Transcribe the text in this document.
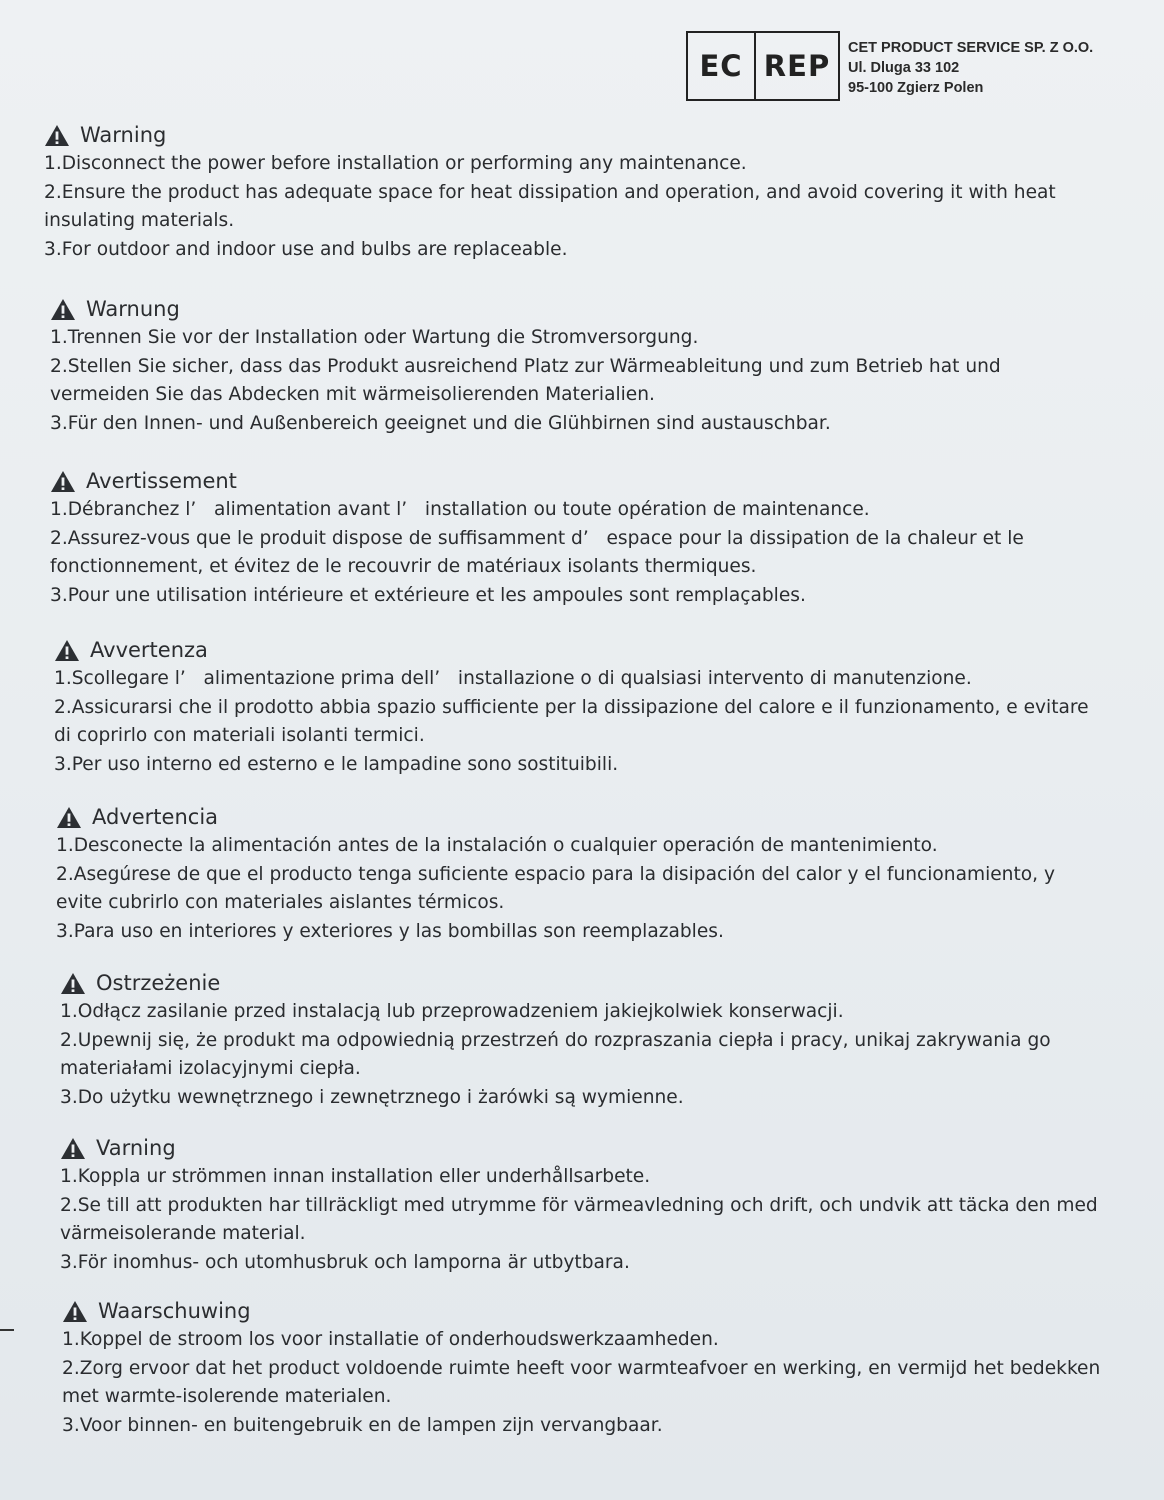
EC REP
CET PRODUCT SERVICE SP. Z O.O.
Ul. Dluga 33 102
95-100 Zgierz Polen
Warning
1.Disconnect the power before installation or performing any maintenance.
2.Ensure the product has adequate space for heat dissipation and operation, and avoid covering it with heat
insulating materials.
3.For outdoor and indoor use and bulbs are replaceable.
Warnung
1.Trennen Sie vor der Installation oder Wartung die Stromversorgung.
2.Stellen Sie sicher, dass das Produkt ausreichend Platz zur Wärmeableitung und zum Betrieb hat und
vermeiden Sie das Abdecken mit wärmeisolierenden Materialien.
3.Für den Innen- und Außenbereich geeignet und die Glühbirnen sind austauschbar.
Avertissement
1.Débranchez l’   alimentation avant l’   installation ou toute opération de maintenance.
2.Assurez-vous que le produit dispose de suffisamment d’   espace pour la dissipation de la chaleur et le
fonctionnement, et évitez de le recouvrir de matériaux isolants thermiques.
3.Pour une utilisation intérieure et extérieure et les ampoules sont remplaçables.
Avvertenza
1.Scollegare l’   alimentazione prima dell’   installazione o di qualsiasi intervento di manutenzione.
2.Assicurarsi che il prodotto abbia spazio sufficiente per la dissipazione del calore e il funzionamento, e evitare
di coprirlo con materiali isolanti termici.
3.Per uso interno ed esterno e le lampadine sono sostituibili.
Advertencia
1.Desconecte la alimentación antes de la instalación o cualquier operación de mantenimiento.
2.Asegúrese de que el producto tenga suficiente espacio para la disipación del calor y el funcionamiento, y
evite cubrirlo con materiales aislantes térmicos.
3.Para uso en interiores y exteriores y las bombillas son reemplazables.
Ostrzeżenie
1.Odłącz zasilanie przed instalacją lub przeprowadzeniem jakiejkolwiek konserwacji.
2.Upewnij się, że produkt ma odpowiednią przestrzeń do rozpraszania ciepła i pracy, unikaj zakrywania go
materiałami izolacyjnymi ciepła.
3.Do użytku wewnętrznego i zewnętrznego i żarówki są wymienne.
Varning
1.Koppla ur strömmen innan installation eller underhållsarbete.
2.Se till att produkten har tillräckligt med utrymme för värmeavledning och drift, och undvik att täcka den med
värmeisolerande material.
3.För inomhus- och utomhusbruk och lamporna är utbytbara.
Waarschuwing
1.Koppel de stroom los voor installatie of onderhoudswerkzaamheden.
2.Zorg ervoor dat het product voldoende ruimte heeft voor warmteafvoer en werking, en vermijd het bedekken
met warmte-isolerende materialen.
3.Voor binnen- en buitengebruik en de lampen zijn vervangbaar.
